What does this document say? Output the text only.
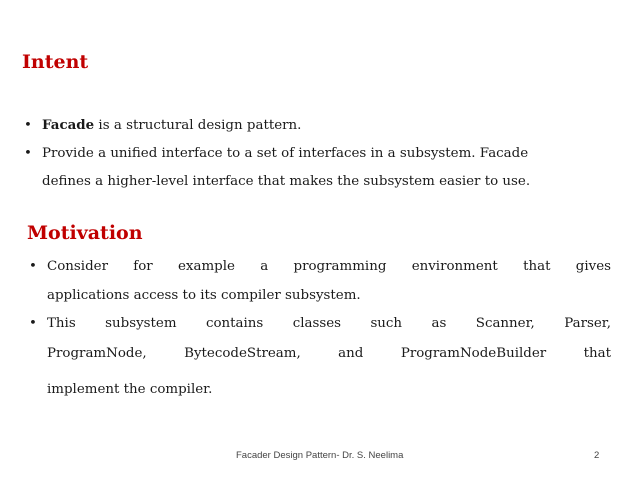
Intent
• Facade is a structural design pattern.
• Provide a unified interface to a set of interfaces in a subsystem. Facade
defines a higher-level interface that makes the subsystem easier to use.
Motivation
• Consider for example a programming environment that gives
applications access to its compiler subsystem.
• This subsystem contains classes such as Scanner, Parser,
ProgramNode, BytecodeStream, and ProgramNodeBuilder that
implement the compiler.
Facader Design Pattern- Dr. S. Neelima	2
